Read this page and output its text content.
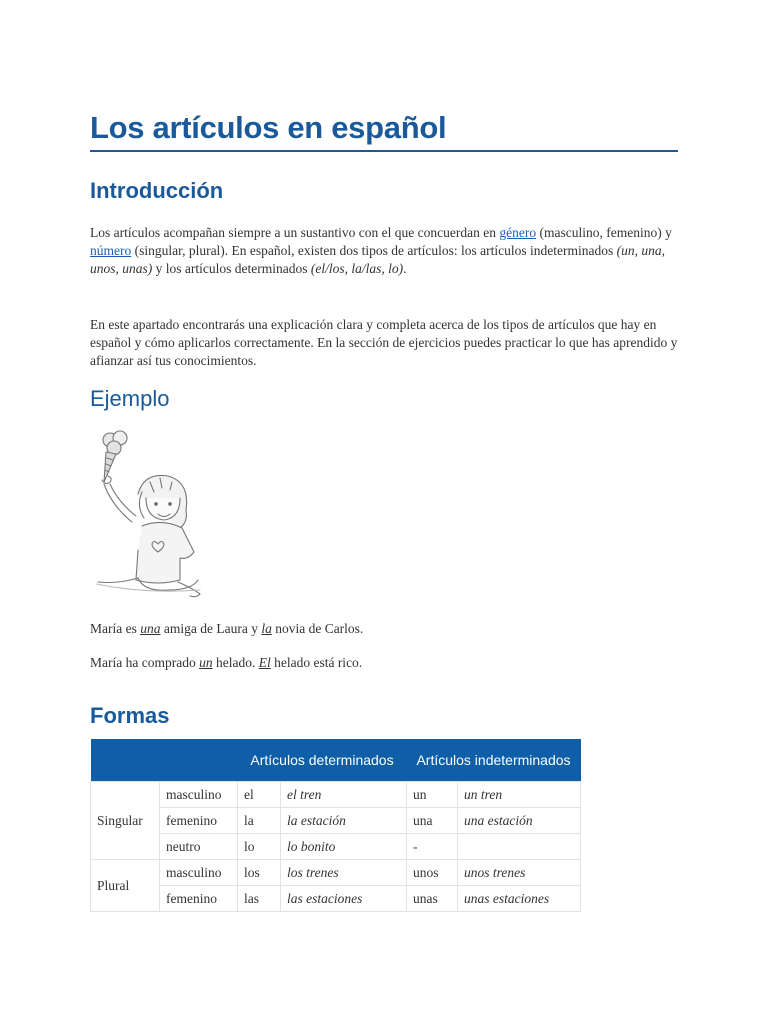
Los artículos en español
Introducción

Los artículos acompañan siempre a un sustantivo con el que concuerdan en género (masculino, femenino) y número (singular, plural). En español, existen dos tipos de artículos: los artículos indeterminados (un, una, unos, unas) y los artículos determinados (el/los, la/las, lo).

En este apartado encontrarás una explicación clara y completa acerca de los tipos de artículos que hay en español y cómo aplicarlos correctamente. En la sección de ejercicios puedes practicar lo que has aprendido y afianzar así tus conocimientos.

Ejemplo

María es una amiga de Laura y la novia de Carlos.

María ha comprado un helado. El helado está rico.

Formas
		Artículos determinados		Artículos indeterminados	
Singular	masculino	el	el tren	un	un tren
	femenino	la	la estación	una	una estación
	neutro	lo	lo bonito	-	
Plural	masculino	los	los trenes	unos	unos trenes
	femenino	las	las estaciones	unas	unas estaciones
